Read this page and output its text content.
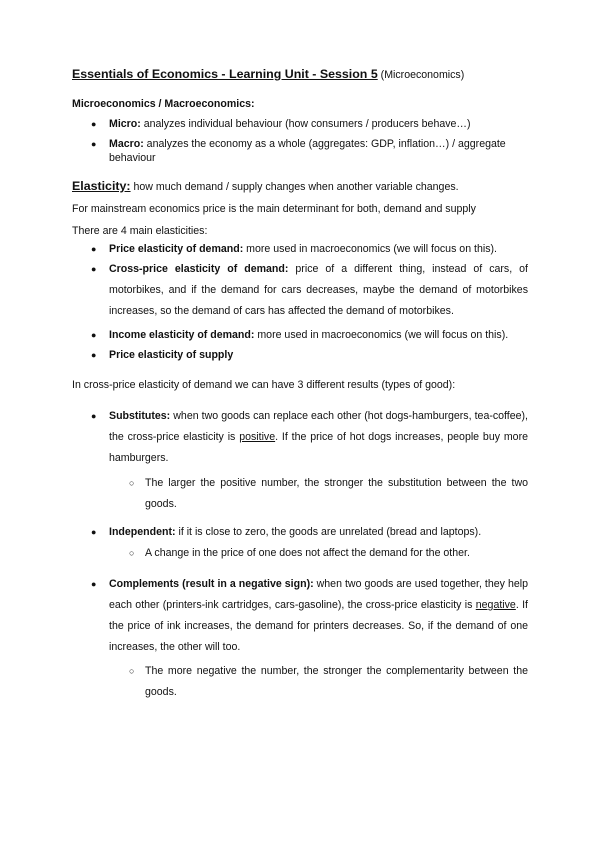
Essentials of Economics - Learning Unit - Session 5 (Microeconomics)

Microeconomics / Macroeconomics:

● Micro: analyzes individual behaviour (how consumers / producers behave…)
● Macro: analyzes the economy as a whole (aggregates: GDP, inflation…) / aggregate behaviour

Elasticity: how much demand / supply changes when another variable changes.

For mainstream economics price is the main determinant for both, demand and supply

There are 4 main elasticities:

● Price elasticity of demand: more used in macroeconomics (we will focus on this).
● Cross-price elasticity of demand: price of a different thing, instead of cars, of motorbikes, and if the demand for cars decreases, maybe the demand of motorbikes increases, so the demand of cars has affected the demand of motorbikes.
● Income elasticity of demand: more used in macroeconomics (we will focus on this).
● Price elasticity of supply

In cross-price elasticity of demand we can have 3 different results (types of good):

● Substitutes: when two goods can replace each other (hot dogs-hamburgers, tea-coffee), the cross-price elasticity is positive. If the price of hot dogs increases, people buy more hamburgers.
○ The larger the positive number, the stronger the substitution between the two goods.
● Independent: if it is close to zero, the goods are unrelated (bread and laptops).
○ A change in the price of one does not affect the demand for the other.
● Complements (result in a negative sign): when two goods are used together, they help each other (printers-ink cartridges, cars-gasoline), the cross-price elasticity is negative. If the price of ink increases, the demand for printers decreases. So, if the demand of one increases, the other will too.
○ The more negative the number, the stronger the complementarity between the goods.
